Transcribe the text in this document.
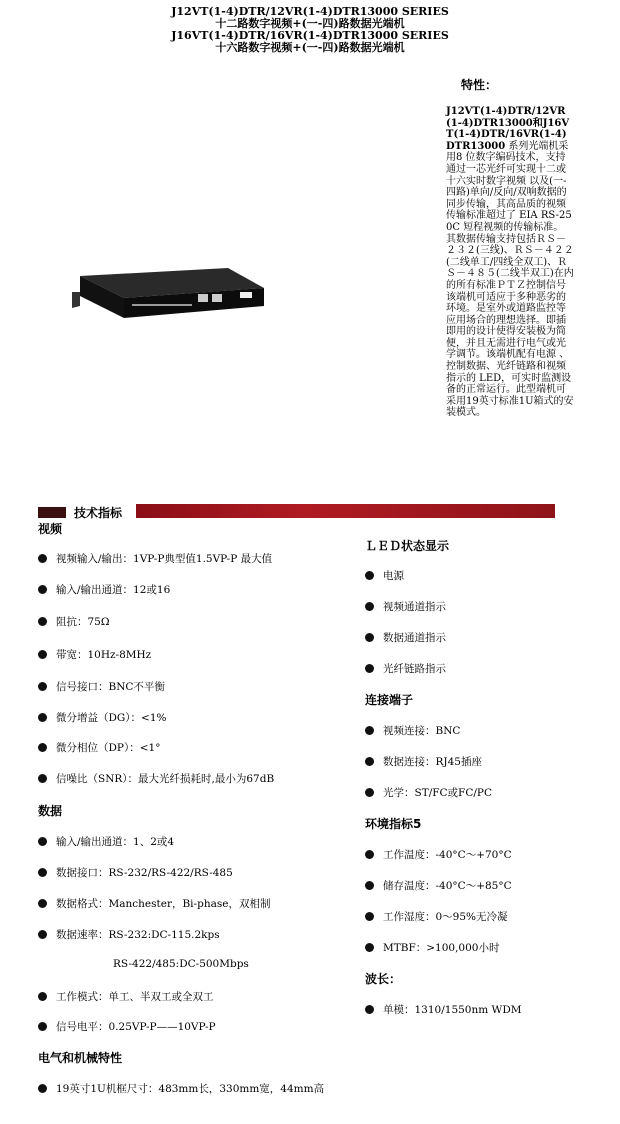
J12VT(1-4)DTR/12VR(1-4)DTR13000 SERIES
十二路数字视频+(一-四)路数据光端机
J16VT(1-4)DTR/16VR(1-4)DTR13000 SERIES
十六路数字视频+(一-四)路数据光端机
特性：
J12VT(1-4)DTR/12VR(1-4)DTR13000和J16VT(1-4)DTR/16VR(1-4)DTR13000 系列光端机采用8 位数字编码技术，支持通过一芯光纤可实现十二或十六实时数字视频 以及(一-四路)单向/反向/双响数据的同步传输，其高品质的视频传输标准超过了 EIA RS-250C 短程视频的传输标准。 其数据传输支持包括ＲＳ－２３２(三线)、ＲＳ－４２２(二线单工/四线全双工)、ＲＳ－４８５(二线半双工)在内的所有标准ＰＴＺ控制信号该端机可适应于多种恶劣的环境。是室外或道路监控等应用场合的理想选择。即插即用的设计使得安装极为简便，并且无需进行电气或光学调节。该端机配有电源 、控制数据、光纤链路和视频指示的 LED，可实时监测设备的正常运行。此型端机可采用19英寸标准1U箱式的安装模式。
技术指标
视频
视频输入/输出：1VP-P典型值1.5VP-P 最大值
输入/输出通道：12或16
阻抗：75Ω
带宽：10Hz-8MHz
信号接口：BNC不平衡
微分增益（DG）：<1%
微分相位（DP）：<1°
信噪比（SNR）：最大光纤损耗时,最小为67dB
数据
输入/输出通道：1、2或4
数据接口：RS-232/RS-422/RS-485
数据格式：Manchester，Bi-phase，双相制
数据速率：RS-232:DC-115.2kps
RS-422/485:DC-500Mbps
工作模式：单工、半双工或全双工
信号电平：0.25VP-P——10VP-P
电气和机械特性
19英寸1U机框尺寸：483mm长，330mm宽，44mm高
ＬＥＤ状态显示
电源
视频通道指示
数据通道指示
光纤链路指示
连接端子
视频连接：BNC
数据连接：RJ45插座
光学：ST/FC或FC/PC
环境指标5
工作温度：-40°C～+70°C
储存温度：-40°C～+85°C
工作湿度：0～95%无冷凝
MTBF：>100,000小时
波长：
单模：1310/1550nm WDM
